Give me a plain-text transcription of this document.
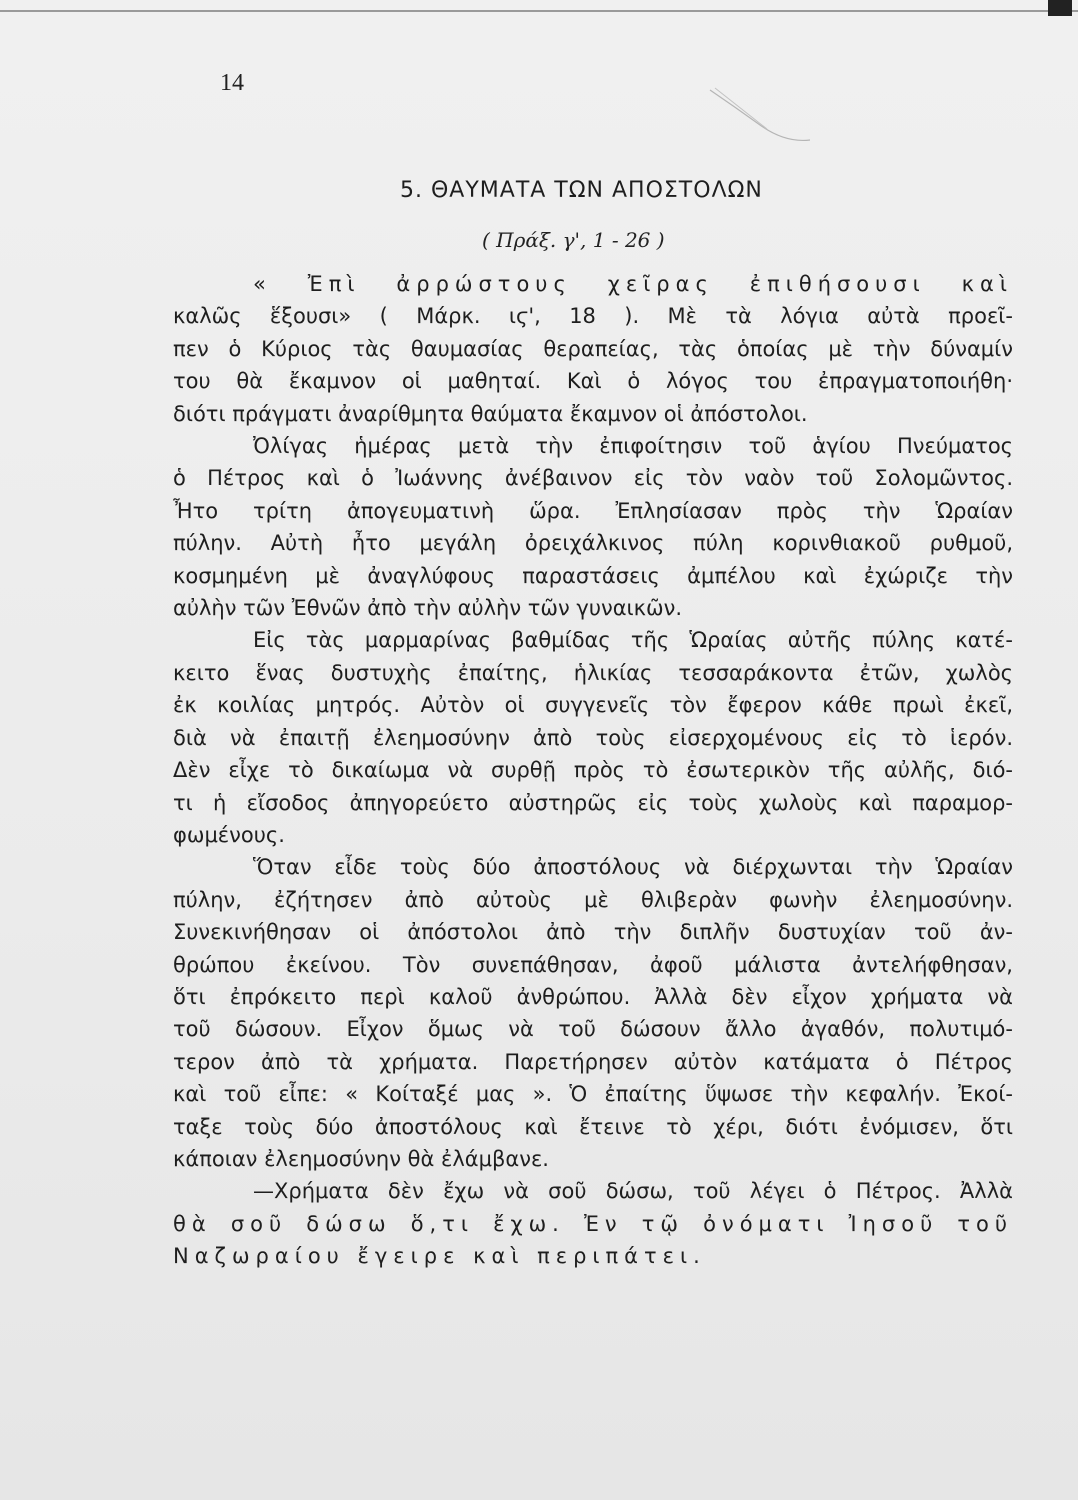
14
5. ΘΑΥΜΑΤΑ ΤΩΝ ΑΠΟΣΤΟΛΩΝ
( Πράξ. γ', 1 - 26 )
« Ἐπὶ ἀρρώστους χεῖρας ἐπιθήσουσι καὶ
καλῶς ἕξουσι» ( Μάρκ. ιϛ', 18 ). Μὲ τὰ λόγια αὐτὰ προεῖ-
πεν ὁ Κύριος τὰς θαυμασίας θεραπείας, τὰς ὁποίας μὲ τὴν δύναμίν
του θὰ ἔκαμνον οἱ μαθηταί. Καὶ ὁ λόγος του ἐπραγματοποιήθη·
διότι πράγματι ἀναρίθμητα θαύματα ἔκαμνον οἱ ἀπόστολοι.
Ὀλίγας ἡμέρας μετὰ τὴν ἐπιφοίτησιν τοῦ ἁγίου Πνεύματος
ὁ Πέτρος καὶ ὁ Ἰωάννης ἀνέβαινον εἰς τὸν ναὸν τοῦ Σολομῶντος.
Ἦτο τρίτη ἀπογευματινὴ ὥρα. Ἐπλησίασαν πρὸς τὴν Ὡραίαν
πύλην. Αὐτὴ ἦτο μεγάλη ὀρειχάλκινος πύλη κορινθιακοῦ ρυθμοῦ,
κοσμημένη μὲ ἀναγλύφους παραστάσεις ἀμπέλου καὶ ἐχώριζε τὴν
αὐλὴν τῶν Ἐθνῶν ἀπὸ τὴν αὐλὴν τῶν γυναικῶν.
Εἰς τὰς μαρμαρίνας βαθμίδας τῆς Ὡραίας αὐτῆς πύλης κατέ-
κειτο ἕνας δυστυχὴς ἐπαίτης, ἡλικίας τεσσαράκοντα ἐτῶν, χωλὸς
ἐκ κοιλίας μητρός. Αὐτὸν οἱ συγγενεῖς τὸν ἔφερον κάθε πρωὶ ἐκεῖ,
διὰ νὰ ἐπαιτῇ ἐλεημοσύνην ἀπὸ τοὺς εἰσερχομένους εἰς τὸ ἱερόν.
Δὲν εἶχε τὸ δικαίωμα νὰ συρθῇ πρὸς τὸ ἐσωτερικὸν τῆς αὐλῆς, διό-
τι ἡ εἴσοδος ἀπηγορεύετο αὐστηρῶς εἰς τοὺς χωλοὺς καὶ παραμορ-
φωμένους.
Ὅταν εἶδε τοὺς δύο ἀποστόλους νὰ διέρχωνται τὴν Ὡραίαν
πύλην, ἐζήτησεν ἀπὸ αὐτοὺς μὲ θλιβερὰν φωνὴν ἐλεημοσύνην.
Συνεκινήθησαν οἱ ἀπόστολοι ἀπὸ τὴν διπλῆν δυστυχίαν τοῦ ἀν-
θρώπου ἐκείνου. Τὸν συνεπάθησαν, ἀφοῦ μάλιστα ἀντελήφθησαν,
ὅτι ἐπρόκειτο περὶ καλοῦ ἀνθρώπου. Ἀλλὰ δὲν εἶχον χρήματα νὰ
τοῦ δώσουν. Εἶχον ὅμως νὰ τοῦ δώσουν ἄλλο ἀγαθόν, πολυτιμό-
τερον ἀπὸ τὰ χρήματα. Παρετήρησεν αὐτὸν κατάματα ὁ Πέτρος
καὶ τοῦ εἶπε: « Κοίταξέ μας ». Ὁ ἐπαίτης ὕψωσε τὴν κεφαλήν. Ἐκοί-
ταξε τοὺς δύο ἀποστόλους καὶ ἔτεινε τὸ χέρι, διότι ἐνόμισεν, ὅτι
κάποιαν ἐλεημοσύνην θὰ ἐλάμβανε.
—Χρήματα δὲν ἔχω νὰ σοῦ δώσω, τοῦ λέγει ὁ Πέτρος. Ἀλλὰ
θὰ σοῦ δώσω ὅ,τι ἔχω. Ἐν τῷ ὀνόματι Ἰησοῦ τοῦ
Ναζωραίου ἔγειρε καὶ περιπάτει.
